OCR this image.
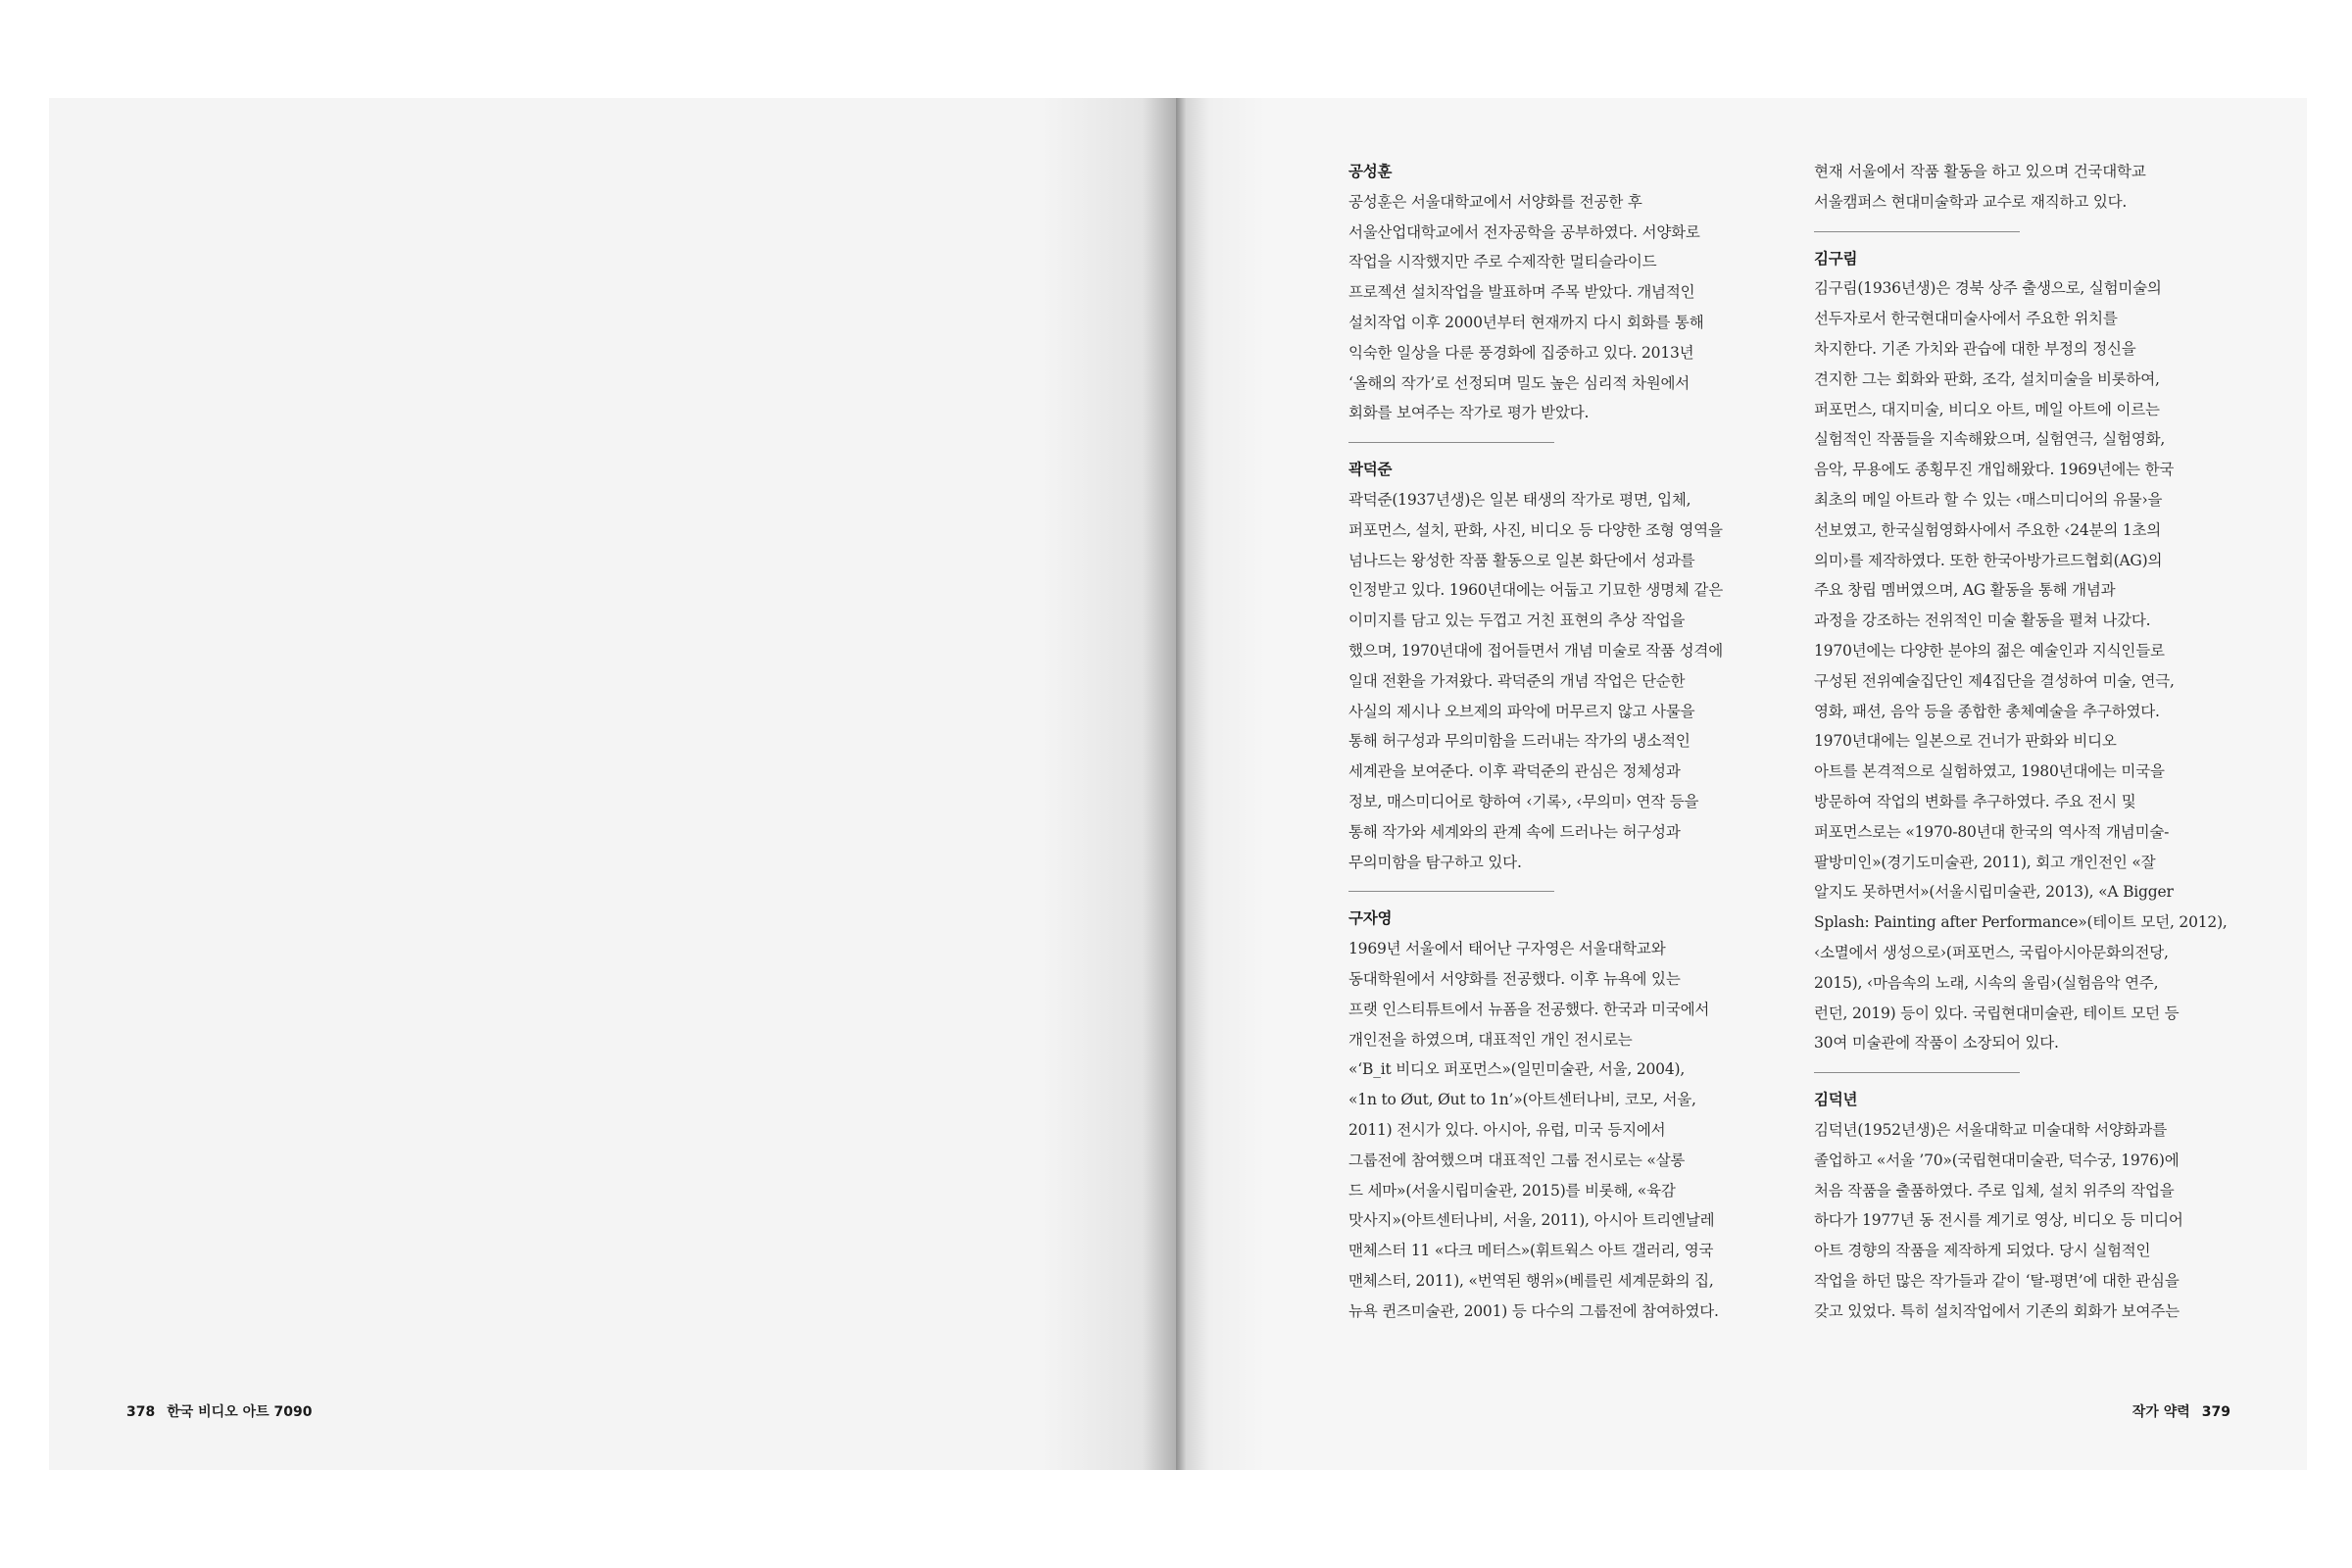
378 한국 비디오 아트 7090

공성훈

공성훈은 서울대학교에서 서양화를 전공한 후
서울산업대학교에서 전자공학을 공부하였다. 서양화로
작업을 시작했지만 주로 수제작한 멀티슬라이드
프로젝션 설치작업을 발표하며 주목 받았다. 개념적인
설치작업 이후 2000년부터 현재까지 다시 회화를 통해
익숙한 일상을 다룬 풍경화에 집중하고 있다. 2013년
‘올해의 작가’로 선정되며 밀도 높은 심리적 차원에서
회화를 보여주는 작가로 평가 받았다.

곽덕준

곽덕준(1937년생)은 일본 태생의 작가로 평면, 입체,
퍼포먼스, 설치, 판화, 사진, 비디오 등 다양한 조형 영역을
넘나드는 왕성한 작품 활동으로 일본 화단에서 성과를
인정받고 있다. 1960년대에는 어둡고 기묘한 생명체 같은
이미지를 담고 있는 두껍고 거친 표현의 추상 작업을
했으며, 1970년대에 접어들면서 개념 미술로 작품 성격에
일대 전환을 가져왔다. 곽덕준의 개념 작업은 단순한
사실의 제시나 오브제의 파악에 머무르지 않고 사물을
통해 허구성과 무의미함을 드러내는 작가의 냉소적인
세계관을 보여준다. 이후 곽덕준의 관심은 정체성과
정보, 매스미디어로 향하여 ‹기록›, ‹무의미› 연작 등을
통해 작가와 세계와의 관계 속에 드러나는 허구성과
무의미함을 탐구하고 있다.

구자영

1969년 서울에서 태어난 구자영은 서울대학교와
동대학원에서 서양화를 전공했다. 이후 뉴욕에 있는
프랫 인스티튜트에서 뉴폼을 전공했다. 한국과 미국에서
개인전을 하였으며, 대표적인 개인 전시로는
«‘B_it 비디오 퍼포먼스»(일민미술관, 서울, 2004),
«1n to Øut, Øut to 1n’»(아트센터나비, 코모, 서울,
2011) 전시가 있다. 아시아, 유럽, 미국 등지에서
그룹전에 참여했으며 대표적인 그룹 전시로는 «살롱
드 세마»(서울시립미술관, 2015)를 비롯해, «육감
맛사지»(아트센터나비, 서울, 2011), 아시아 트리엔날레
맨체스터 11 «다크 메터스»(휘트웍스 아트 갤러리, 영국
맨체스터, 2011), «번역된 행위»(베를린 세계문화의 집,
뉴욕 퀸즈미술관, 2001) 등 다수의 그룹전에 참여하였다.

현재 서울에서 작품 활동을 하고 있으며 건국대학교
서울캠퍼스 현대미술학과 교수로 재직하고 있다.

김구림

김구림(1936년생)은 경북 상주 출생으로, 실험미술의
선두자로서 한국현대미술사에서 주요한 위치를
차지한다. 기존 가치와 관습에 대한 부정의 정신을
견지한 그는 회화와 판화, 조각, 설치미술을 비롯하여,
퍼포먼스, 대지미술, 비디오 아트, 메일 아트에 이르는
실험적인 작품들을 지속해왔으며, 실험연극, 실험영화,
음악, 무용에도 종횡무진 개입해왔다. 1969년에는 한국
최초의 메일 아트라 할 수 있는 ‹매스미디어의 유물›을
선보였고, 한국실험영화사에서 주요한 ‹24분의 1초의
의미›를 제작하였다. 또한 한국아방가르드협회(AG)의
주요 창립 멤버였으며, AG 활동을 통해 개념과
과정을 강조하는 전위적인 미술 활동을 펼쳐 나갔다.
1970년에는 다양한 분야의 젊은 예술인과 지식인들로
구성된 전위예술집단인 제4집단을 결성하여 미술, 연극,
영화, 패션, 음악 등을 종합한 총체예술을 추구하였다.
1970년대에는 일본으로 건너가 판화와 비디오
아트를 본격적으로 실험하였고, 1980년대에는 미국을
방문하여 작업의 변화를 추구하였다. 주요 전시 및
퍼포먼스로는 «1970-80년대 한국의 역사적 개념미술-
팔방미인»(경기도미술관, 2011), 회고 개인전인 «잘
알지도 못하면서»(서울시립미술관, 2013), «A Bigger
Splash: Painting after Performance»(테이트 모던, 2012),
‹소멸에서 생성으로›(퍼포먼스, 국립아시아문화의전당,
2015), ‹마음속의 노래, 시속의 울림›(실험음악 연주,
런던, 2019) 등이 있다. 국립현대미술관, 테이트 모던 등
30여 미술관에 작품이 소장되어 있다.

김덕년

김덕년(1952년생)은 서울대학교 미술대학 서양화과를
졸업하고 «서울 ’70»(국립현대미술관, 덕수궁, 1976)에
처음 작품을 출품하였다. 주로 입체, 설치 위주의 작업을
하다가 1977년 동 전시를 계기로 영상, 비디오 등 미디어
아트 경향의 작품을 제작하게 되었다. 당시 실험적인
작업을 하던 많은 작가들과 같이 ‘탈-평면’에 대한 관심을
갖고 있었다. 특히 설치작업에서 기존의 회화가 보여주는

작가 약력 379
